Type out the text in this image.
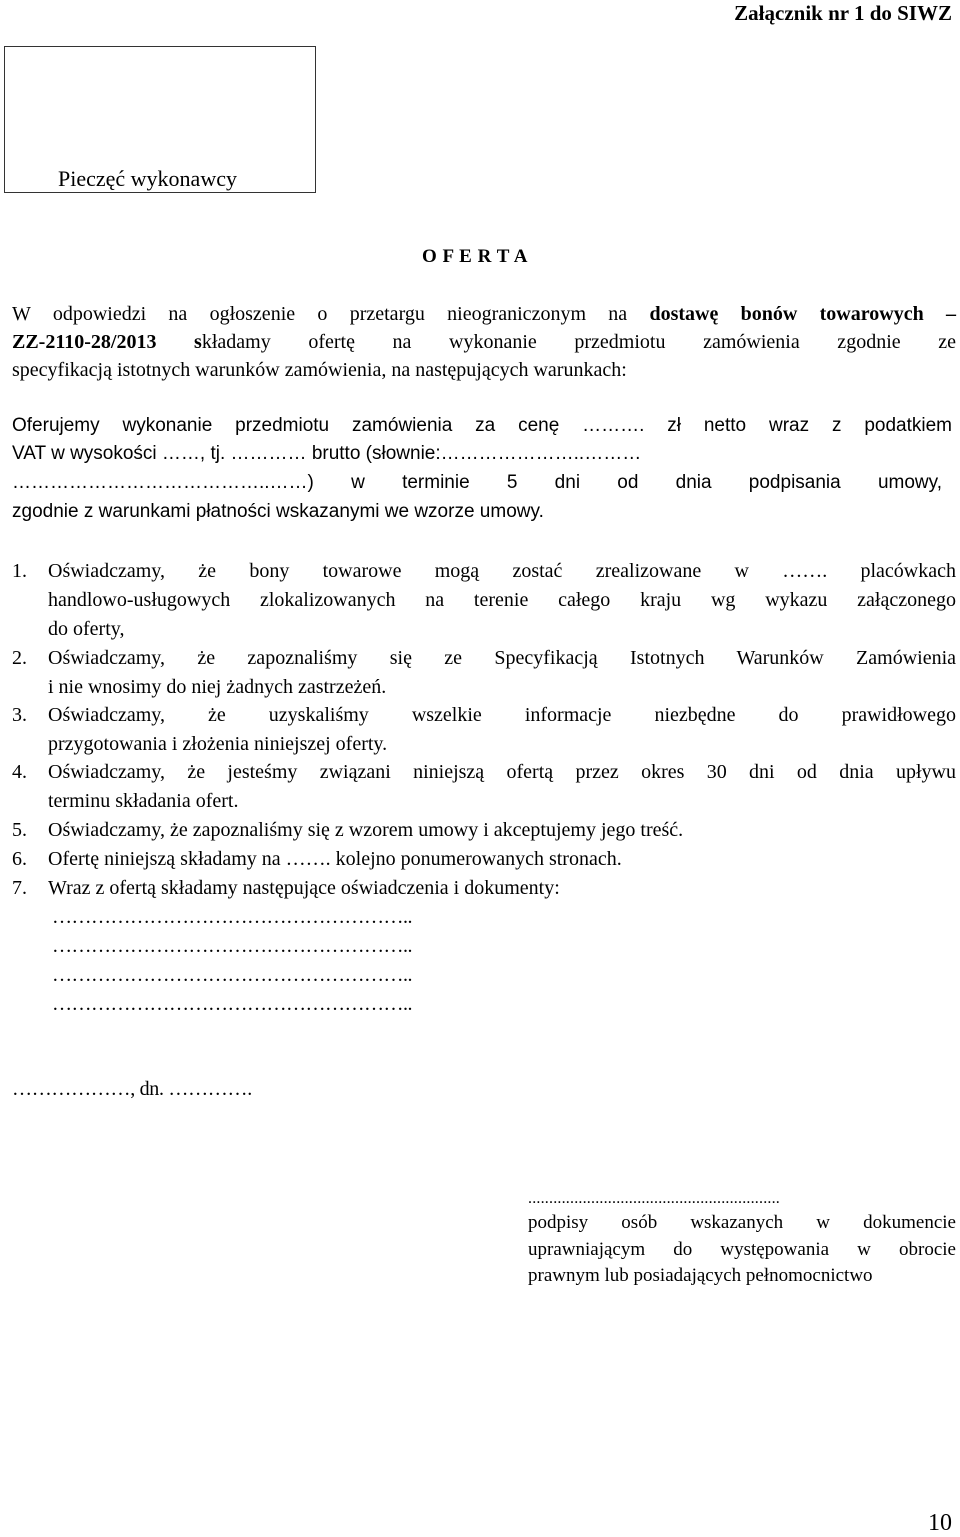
Załącznik nr 1 do SIWZ
Pieczęć wykonawcy
O F E R T A
W odpowiedzi na ogłoszenie o przetargu nieograniczonym na dostawę bonów towarowych –
ZZ-2110-28/2013 składamy ofertę na wykonanie przedmiotu zamówienia zgodnie ze
specyfikacją istotnych warunków zamówienia, na następujących warunkach:
Oferujemy wykonanie przedmiotu zamówienia za cenę ………. zł netto wraz z podatkiem
VAT w wysokości ……, tj. ………… brutto (słownie:…………………..………
…………………………………..……) w terminie 5 dni od dnia podpisania umowy,
zgodnie z warunkami płatności wskazanymi we wzorze umowy.
1. Oświadczamy, że bony towarowe mogą zostać zrealizowane w ……. placówkach
handlowo-usługowych zlokalizowanych na terenie całego kraju wg wykazu załączonego
do oferty,
2. Oświadczamy, że zapoznaliśmy się ze Specyfikacją Istotnych Warunków Zamówienia
i nie wnosimy do niej żadnych zastrzeżeń.
3. Oświadczamy, że uzyskaliśmy wszelkie informacje niezbędne do prawidłowego
przygotowania i złożenia niniejszej oferty.
4. Oświadczamy, że jesteśmy związani niniejszą ofertą przez okres 30 dni od dnia upływu
terminu składania ofert.
5. Oświadczamy, że zapoznaliśmy się z wzorem umowy i akceptujemy jego treść.
6. Ofertę niniejszą składamy na ……. kolejno ponumerowanych stronach.
7. Wraz z ofertą składamy następujące oświadczenia i dokumenty:
………………………………………………..
………………………………………………..
………………………………………………..
………………………………………………..
………………, dn. ………….
............................................................
podpisy osób wskazanych w dokumencie
uprawniającym do występowania w obrocie
prawnym lub posiadających pełnomocnictwo
10
